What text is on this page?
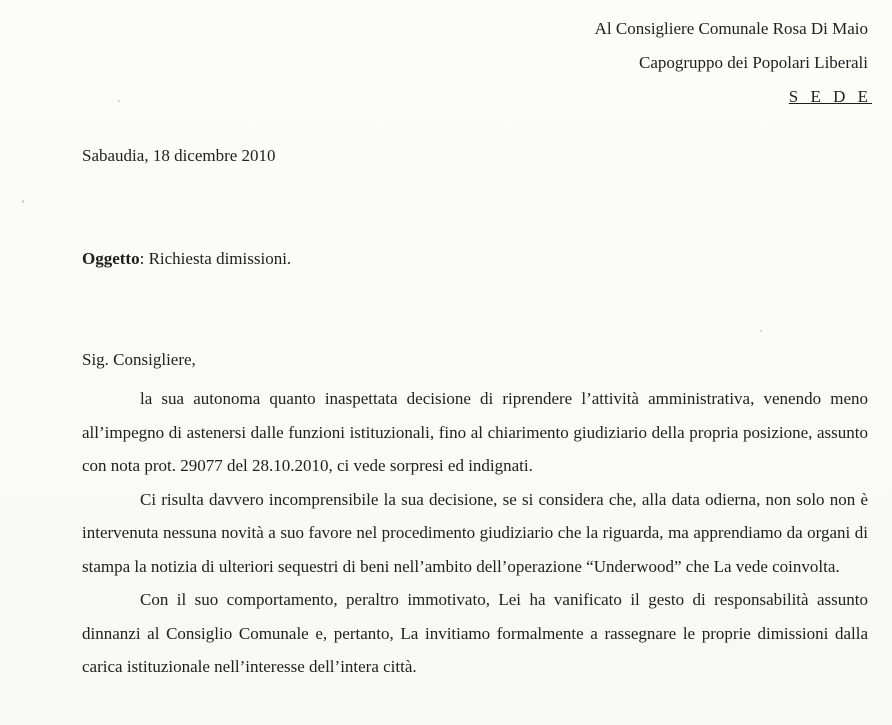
Al Consigliere Comunale Rosa Di Maio
Capogruppo dei Popolari Liberali
S E D E
Sabaudia, 18 dicembre 2010
Oggetto: Richiesta dimissioni.
Sig. Consigliere,

la sua autonoma quanto inaspettata decisione di riprendere l’attività amministrativa, venendo meno all’impegno di astenersi dalle funzioni istituzionali, fino al chiarimento giudiziario della propria posizione, assunto con nota prot. 29077 del 28.10.2010, ci vede sorpresi ed indignati.

Ci risulta davvero incomprensibile la sua decisione, se si considera che, alla data odierna, non solo non è intervenuta nessuna novità a suo favore nel procedimento giudiziario che la riguarda, ma apprendiamo da organi di stampa la notizia di ulteriori sequestri di beni nell’ambito dell’operazione “Underwood” che La vede coinvolta.

Con il suo comportamento, peraltro immotivato, Lei ha vanificato il gesto di responsabilità assunto dinnanzi al Consiglio Comunale e, pertanto, La invitiamo formalmente a rassegnare le proprie dimissioni dalla carica istituzionale nell’interesse dell’intera città.
